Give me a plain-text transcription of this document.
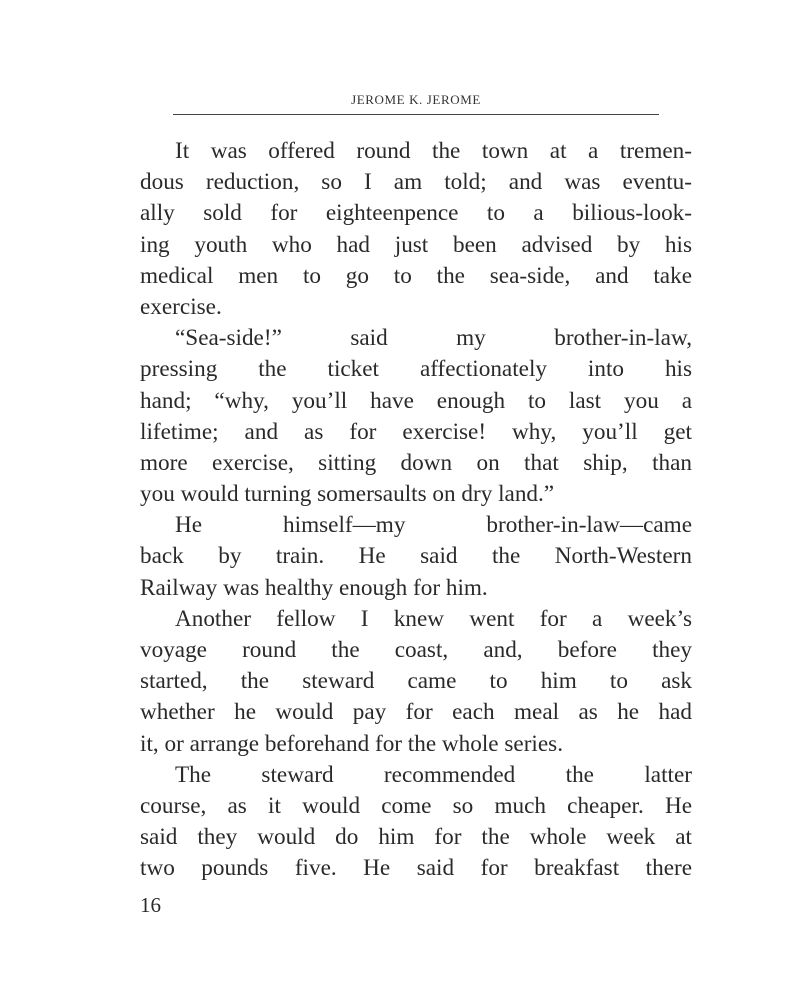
JEROME K. JEROME
It was offered round the town at a tremen-
dous reduction, so I am told; and was eventu-
ally sold for eighteenpence to a bilious-look-
ing youth who had just been advised by his
medical men to go to the sea-side, and take
exercise.
“Sea-side!” said my brother-in-law,
pressing the ticket affectionately into his
hand; “why, you’ll have enough to last you a
lifetime; and as for exercise! why, you’ll get
more exercise, sitting down on that ship, than
you would turning somersaults on dry land.”
He himself—my brother-in-law—came
back by train. He said the North-Western
Railway was healthy enough for him.
Another fellow I knew went for a week’s
voyage round the coast, and, before they
started, the steward came to him to ask
whether he would pay for each meal as he had
it, or arrange beforehand for the whole series.
The steward recommended the latter
course, as it would come so much cheaper. He
said they would do him for the whole week at
two pounds five. He said for breakfast there
16
